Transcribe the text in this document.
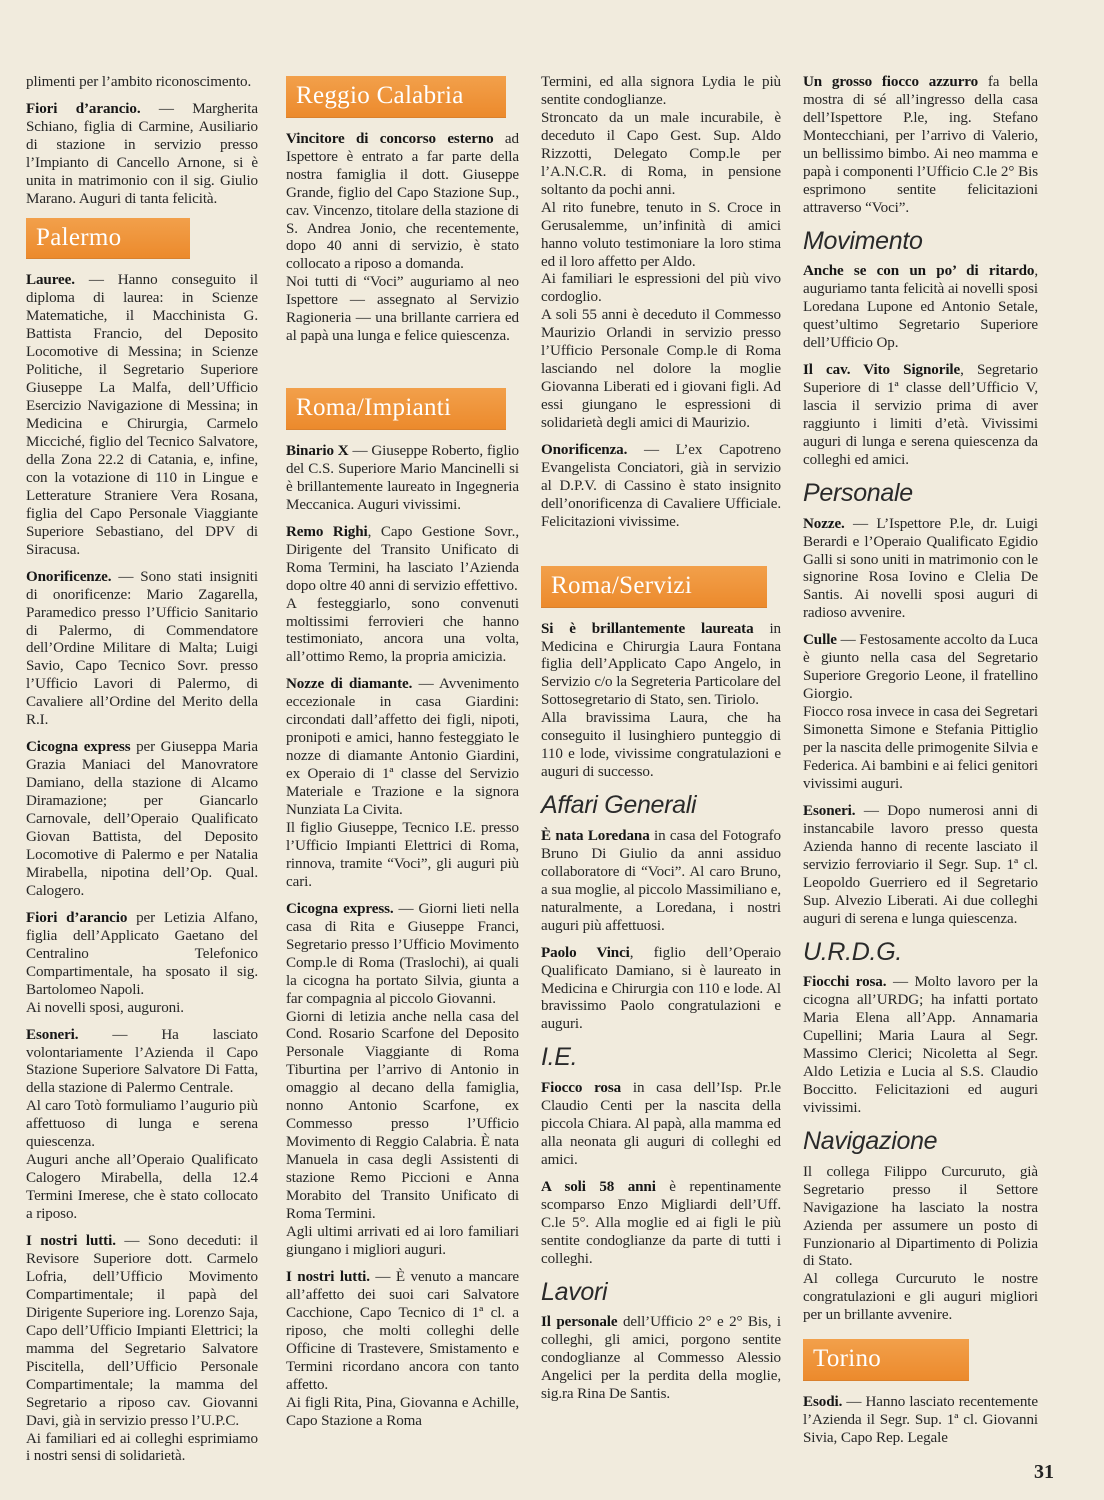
plimenti per l’ambito riconoscimento.

Fiori d’arancio. — Margherita Schiano, figlia di Carmine, Ausiliario di stazione in servizio presso l’Impianto di Cancello Arnone, si è unita in matrimonio con il sig. Giulio Marano. Auguri di tanta felicità.

Palermo

Lauree. — Hanno conseguito il diploma di laurea: in Scienze Matematiche, il Macchinista G. Battista Francio, del Deposito Locomotive di Messina; in Scienze Politiche, il Segretario Superiore Giuseppe La Malfa, dell’Ufficio Esercizio Navigazione di Messina; in Medicina e Chirurgia, Carmelo Micciché, figlio del Tecnico Salvatore, della Zona 22.2 di Catania, e, infine, con la votazione di 110 in Lingue e Letterature Straniere Vera Rosana, figlia del Capo Personale Viaggiante Superiore Sebastiano, del DPV di Siracusa.

Onorificenze. — Sono stati insigniti di onorificenze: Mario Zagarella, Paramedico presso l’Ufficio Sanitario di Palermo, di Commendatore dell’Ordine Militare di Malta; Luigi Savio, Capo Tecnico Sovr. presso l’Ufficio Lavori di Palermo, di Cavaliere all’Ordine del Merito della R.I.

Cicogna express per Giuseppa Maria Grazia Maniaci del Manovratore Damiano, della stazione di Alcamo Diramazione; per Giancarlo Carnovale, dell’Operaio Qualificato Giovan Battista, del Deposito Locomotive di Palermo e per Natalia Mirabella, nipotina dell’Op. Qual. Calogero.

Fiori d’arancio per Letizia Alfano, figlia dell’Applicato Gaetano del Centralino Telefonico Compartimentale, ha sposato il sig. Bartolomeo Napoli.

Ai novelli sposi, auguroni.

Esoneri. — Ha lasciato volontariamente l’Azienda il Capo Stazione Superiore Salvatore Di Fatta, della stazione di Palermo Centrale.

Al caro Totò formuliamo l’augurio più affettuoso di lunga e serena quiescenza.

Auguri anche all’Operaio Qualificato Calogero Mirabella, della 12.4 Termini Imerese, che è stato collocato a riposo.

I nostri lutti. — Sono deceduti: il Revisore Superiore dott. Carmelo Lofria, dell’Ufficio Movimento Compartimentale; il papà del Dirigente Superiore ing. Lorenzo Saja, Capo dell’Ufficio Impianti Elettrici; la mamma del Segretario Salvatore Piscitella, dell’Ufficio Personale Compartimentale; la mamma del Segretario a riposo cav. Giovanni Davi, già in servizio presso l’U.P.C.

Ai familiari ed ai colleghi esprimiamo i nostri sensi di solidarietà.

Reggio Calabria

Vincitore di concorso esterno ad Ispettore è entrato a far parte della nostra famiglia il dott. Giuseppe Grande, figlio del Capo Stazione Sup., cav. Vincenzo, titolare della stazione di S. Andrea Jonio, che recentemente, dopo 40 anni di servizio, è stato collocato a riposo a domanda.

Noi tutti di “Voci” auguriamo al neo Ispettore — assegnato al Servizio Ragioneria — una brillante carriera ed al papà una lunga e felice quiescenza.

Roma/Impianti

Binario X — Giuseppe Roberto, figlio del C.S. Superiore Mario Mancinelli si è brillantemente laureato in Ingegneria Meccanica. Auguri vivissimi.

Remo Righi, Capo Gestione Sovr., Dirigente del Transito Unificato di Roma Termini, ha lasciato l’Azienda dopo oltre 40 anni di servizio effettivo.

A festeggiarlo, sono convenuti moltissimi ferrovieri che hanno testimoniato, ancora una volta, all’ottimo Remo, la propria amicizia.

Nozze di diamante. — Avvenimento eccezionale in casa Giardini: circondati dall’affetto dei figli, nipoti, pronipoti e amici, hanno festeggiato le nozze di diamante Antonio Giardini, ex Operaio di 1ª classe del Servizio Materiale e Trazione e la signora Nunziata La Civita.

Il figlio Giuseppe, Tecnico I.E. presso l’Ufficio Impianti Elettrici di Roma, rinnova, tramite “Voci”, gli auguri più cari.

Cicogna express. — Giorni lieti nella casa di Rita e Giuseppe Franci, Segretario presso l’Ufficio Movimento Comp.le di Roma (Traslochi), ai quali la cicogna ha portato Silvia, giunta a far compagnia al piccolo Giovanni.

Giorni di letizia anche nella casa del Cond. Rosario Scarfone del Deposito Personale Viaggiante di Roma Tiburtina per l’arrivo di Antonio in omaggio al decano della famiglia, nonno Antonio Scarfone, ex Commesso presso l’Ufficio Movimento di Reggio Calabria. È nata Manuela in casa degli Assistenti di stazione Remo Piccioni e Anna Morabito del Transito Unificato di Roma Termini.

Agli ultimi arrivati ed ai loro familiari giungano i migliori auguri.

I nostri lutti. — È venuto a mancare all’affetto dei suoi cari Salvatore Cacchione, Capo Tecnico di 1ª cl. a riposo, che molti colleghi delle Officine di Trastevere, Smistamento e Termini ricordano ancora con tanto affetto.

Ai figli Rita, Pina, Giovanna e Achille, Capo Stazione a Roma

Termini, ed alla signora Lydia le più sentite condoglianze.

Stroncato da un male incurabile, è deceduto il Capo Gest. Sup. Aldo Rizzotti, Delegato Comp.le per l’A.N.C.R. di Roma, in pensione soltanto da pochi anni.

Al rito funebre, tenuto in S. Croce in Gerusalemme, un’infinità di amici hanno voluto testimoniare la loro stima ed il loro affetto per Aldo.

Ai familiari le espressioni del più vivo cordoglio.

A soli 55 anni è deceduto il Commesso Maurizio Orlandi in servizio presso l’Ufficio Personale Comp.le di Roma lasciando nel dolore la moglie Giovanna Liberati ed i giovani figli. Ad essi giungano le espressioni di solidarietà degli amici di Maurizio.

Onorificenza. — L’ex Capotreno Evangelista Conciatori, già in servizio al D.P.V. di Cassino è stato insignito dell’onorificenza di Cavaliere Ufficiale. Felicitazioni vivissime.

Roma/Servizi

Si è brillantemente laureata in Medicina e Chirurgia Laura Fontana figlia dell’Applicato Capo Angelo, in Servizio c/o la Segreteria Particolare del Sottosegretario di Stato, sen. Tiriolo.

Alla bravissima Laura, che ha conseguito il lusinghiero punteggio di 110 e lode, vivissime congratulazioni e auguri di successo.

Affari Generali

È nata Loredana in casa del Fotografo Bruno Di Giulio da anni assiduo collaboratore di “Voci”. Al caro Bruno, a sua moglie, al piccolo Massimiliano e, naturalmente, a Loredana, i nostri auguri più affettuosi.

Paolo Vinci, figlio dell’Operaio Qualificato Damiano, si è laureato in Medicina e Chirurgia con 110 e lode. Al bravissimo Paolo congratulazioni e auguri.

I.E.

Fiocco rosa in casa dell’Isp. Pr.le Claudio Centi per la nascita della piccola Chiara. Al papà, alla mamma ed alla neonata gli auguri di colleghi ed amici.

A soli 58 anni è repentinamente scomparso Enzo Migliardi dell’Uff. C.le 5°. Alla moglie ed ai figli le più sentite condoglianze da parte di tutti i colleghi.

Lavori

Il personale dell’Ufficio 2° e 2° Bis, i colleghi, gli amici, porgono sentite condoglianze al Commesso Alessio Angelici per la perdita della moglie, sig.ra Rina De Santis.

Un grosso fiocco azzurro fa bella mostra di sé all’ingresso della casa dell’Ispettore P.le, ing. Stefano Montecchiani, per l’arrivo di Valerio, un bellissimo bimbo. Ai neo mamma e papà i componenti l’Ufficio C.le 2° Bis esprimono sentite felicitazioni attraverso “Voci”.

Movimento

Anche se con un po’ di ritardo, auguriamo tanta felicità ai novelli sposi Loredana Lupone ed Antonio Setale, quest’ultimo Segretario Superiore dell’Ufficio Op.

Il cav. Vito Signorile, Segretario Superiore di 1ª classe dell’Ufficio V, lascia il servizio prima di aver raggiunto i limiti d’età. Vivissimi auguri di lunga e serena quiescenza da colleghi ed amici.

Personale

Nozze. — L’Ispettore P.le, dr. Luigi Berardi e l’Operaio Qualificato Egidio Galli si sono uniti in matrimonio con le signorine Rosa Iovino e Clelia De Santis. Ai novelli sposi auguri di radioso avvenire.

Culle — Festosamente accolto da Luca è giunto nella casa del Segretario Superiore Gregorio Leone, il fratellino Giorgio.

Fiocco rosa invece in casa dei Segretari Simonetta Simone e Stefania Pittiglio per la nascita delle primogenite Silvia e Federica. Ai bambini e ai felici genitori vivissimi auguri.

Esoneri. — Dopo numerosi anni di instancabile lavoro presso questa Azienda hanno di recente lasciato il servizio ferroviario il Segr. Sup. 1ª cl. Leopoldo Guerriero ed il Segretario Sup. Alvezio Liberati. Ai due colleghi auguri di serena e lunga quiescenza.

U.R.D.G.

Fiocchi rosa. — Molto lavoro per la cicogna all’URDG; ha infatti portato Maria Elena all’App. Annamaria Cupellini; Maria Laura al Segr. Massimo Clerici; Nicoletta al Segr. Aldo Letizia e Lucia al S.S. Claudio Boccitto. Felicitazioni ed auguri vivissimi.

Navigazione

Il collega Filippo Curcuruto, già Segretario presso il Settore Navigazione ha lasciato la nostra Azienda per assumere un posto di Funzionario al Dipartimento di Polizia di Stato.

Al collega Curcuruto le nostre congratulazioni e gli auguri migliori per un brillante avvenire.

Torino

Esodi. — Hanno lasciato recentemente l’Azienda il Segr. Sup. 1ª cl. Giovanni Sivia, Capo Rep. Legale

31
